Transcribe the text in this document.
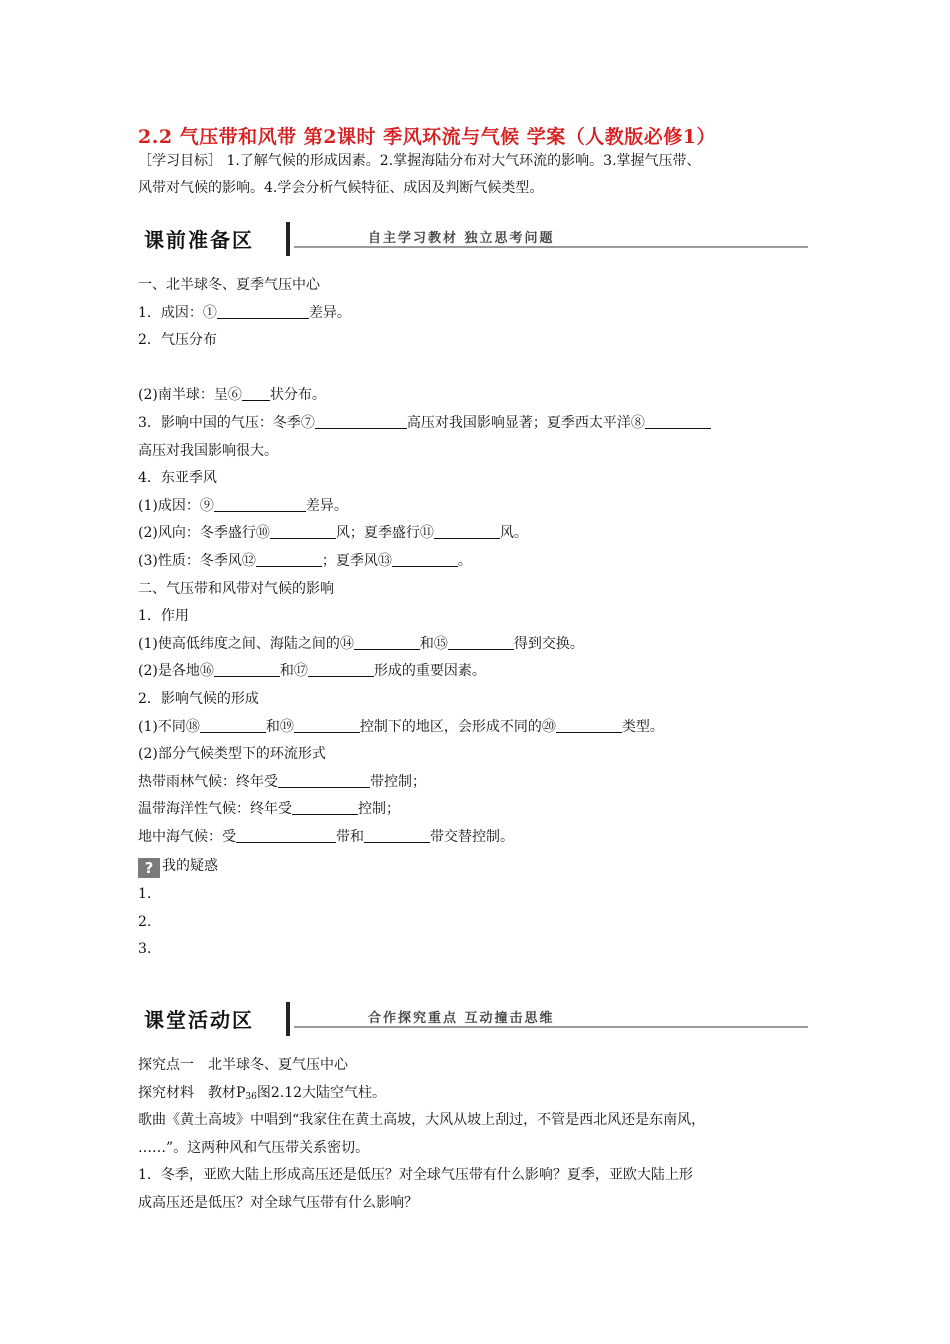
2.2 气压带和风带 第2课时 季风环流与气候 学案（人教版必修1）
［学习目标］ 1.了解气候的形成因素。2.掌握海陆分布对大气环流的影响。3.掌握气压带、
风带对气候的影响。4.学会分析气候特征、成因及判断气候类型。
课前准备区	自主学习教材 独立思考问题
一、北半球冬、夏季气压中心
1．成因：①	差异。
2．气压分布
(2)南半球：呈⑥ 状分布。
3．影响中国的气压：冬季⑦	高压对我国影响显著；夏季西太平洋⑧
高压对我国影响很大。
4．东亚季风
(1)成因：⑨	差异。
(2)风向：冬季盛行⑩	风；夏季盛行⑪	风。
(3)性质：冬季风⑫	；夏季风⑬	。
二、气压带和风带对气候的影响
1．作用
(1)使高低纬度之间、海陆之间的⑭	和⑮	得到交换。
(2)是各地⑯	和⑰	形成的重要因素。
2．影响气候的形成
(1)不同⑱	和⑲	控制下的地区，会形成不同的⑳	类型。
(2)部分气候类型下的环流形式
热带雨林气候：终年受	带控制；
温带海洋性气候：终年受	控制；
地中海气候：受	带和	带交替控制。
? 我的疑惑
1.
2.
3.
课堂活动区	合作探究重点 互动撞击思维
探究点一　北半球冬、夏气压中心
探究材料　教材$P_{36}$图2.12大陆空气柱。
歌曲《黄土高坡》中唱到“我家住在黄土高坡，大风从坡上刮过，不管是西北风还是东南风，
……”。这两种风和气压带关系密切。
1．冬季，亚欧大陆上形成高压还是低压？对全球气压带有什么影响？夏季，亚欧大陆上形
成高压还是低压？对全球气压带有什么影响？
